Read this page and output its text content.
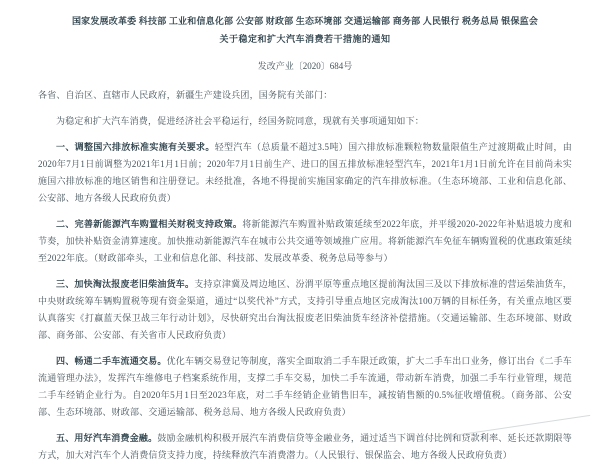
国家发展改革委 科技部 工业和信息化部 公安部 财政部 生态环境部 交通运输部 商务部 人民银行 税务总局 银保监会
关于稳定和扩大汽车消费若干措施的通知
发改产业〔2020〕684号

各省、自治区、直辖市人民政府，新疆生产建设兵团，国务院有关部门：

为稳定和扩大汽车消费，促进经济社会平稳运行，经国务院同意，现就有关事项通知如下：

一、调整国六排放标准实施有关要求。轻型汽车（总质量不超过3.5吨）国六排放标准颗粒物数量限值生产过渡期截止时间，由2020年7月1日前调整为2021年1月1日前；2020年7月1日前生产、进口的国五排放标准轻型汽车，2021年1月1日前允许在目前尚未实施国六排放标准的地区销售和注册登记。未经批准，各地不得提前实施国家确定的汽车排放标准。（生态环境部、工业和信息化部、公安部、地方各级人民政府负责）

二、完善新能源汽车购置相关财税支持政策。将新能源汽车购置补贴政策延续至2022年底，并平缓2020-2022年补贴退坡力度和节奏，加快补贴资金清算速度。加快推动新能源汽车在城市公共交通等领域推广应用。将新能源汽车免征车辆购置税的优惠政策延续至2022年底。（财政部牵头，工业和信息化部、科技部、发展改革委、税务总局等参与）

三、加快淘汰报废老旧柴油货车。支持京津冀及周边地区、汾渭平原等重点地区提前淘汰国三及以下排放标准的营运柴油货车，中央财政统筹车辆购置税等现有资金渠道，通过“以奖代补”方式，支持引导重点地区完成淘汰100万辆的目标任务，有关重点地区要认真落实《打赢蓝天保卫战三年行动计划》，尽快研究出台淘汰报废老旧柴油货车经济补偿措施。（交通运输部、生态环境部、财政部、商务部、公安部、有关省市人民政府负责）

四、畅通二手车流通交易。优化车辆交易登记等制度，落实全面取消二手车限迁政策，扩大二手车出口业务，修订出台《二手车流通管理办法》，发挥汽车维修电子档案系统作用，支撑二手车交易，加快二手车流通，带动新车消费，加强二手车行业管理，规范二手车经销企业行为。自2020年5月1日至2023年底，对二手车经销企业销售旧车，减按销售额的0.5%征收增值税。（商务部、公安部、生态环境部、财政部、交通运输部、税务总局、地方各级人民政府负责）

五、用好汽车消费金融。鼓励金融机构积极开展汽车消费信贷等金融业务，通过适当下调首付比例和贷款利率、延长还款期限等方式，加大对汽车个人消费信贷支持力度，持续释放汽车消费潜力。（人民银行、银保监会、地方各级人民政府负责）
